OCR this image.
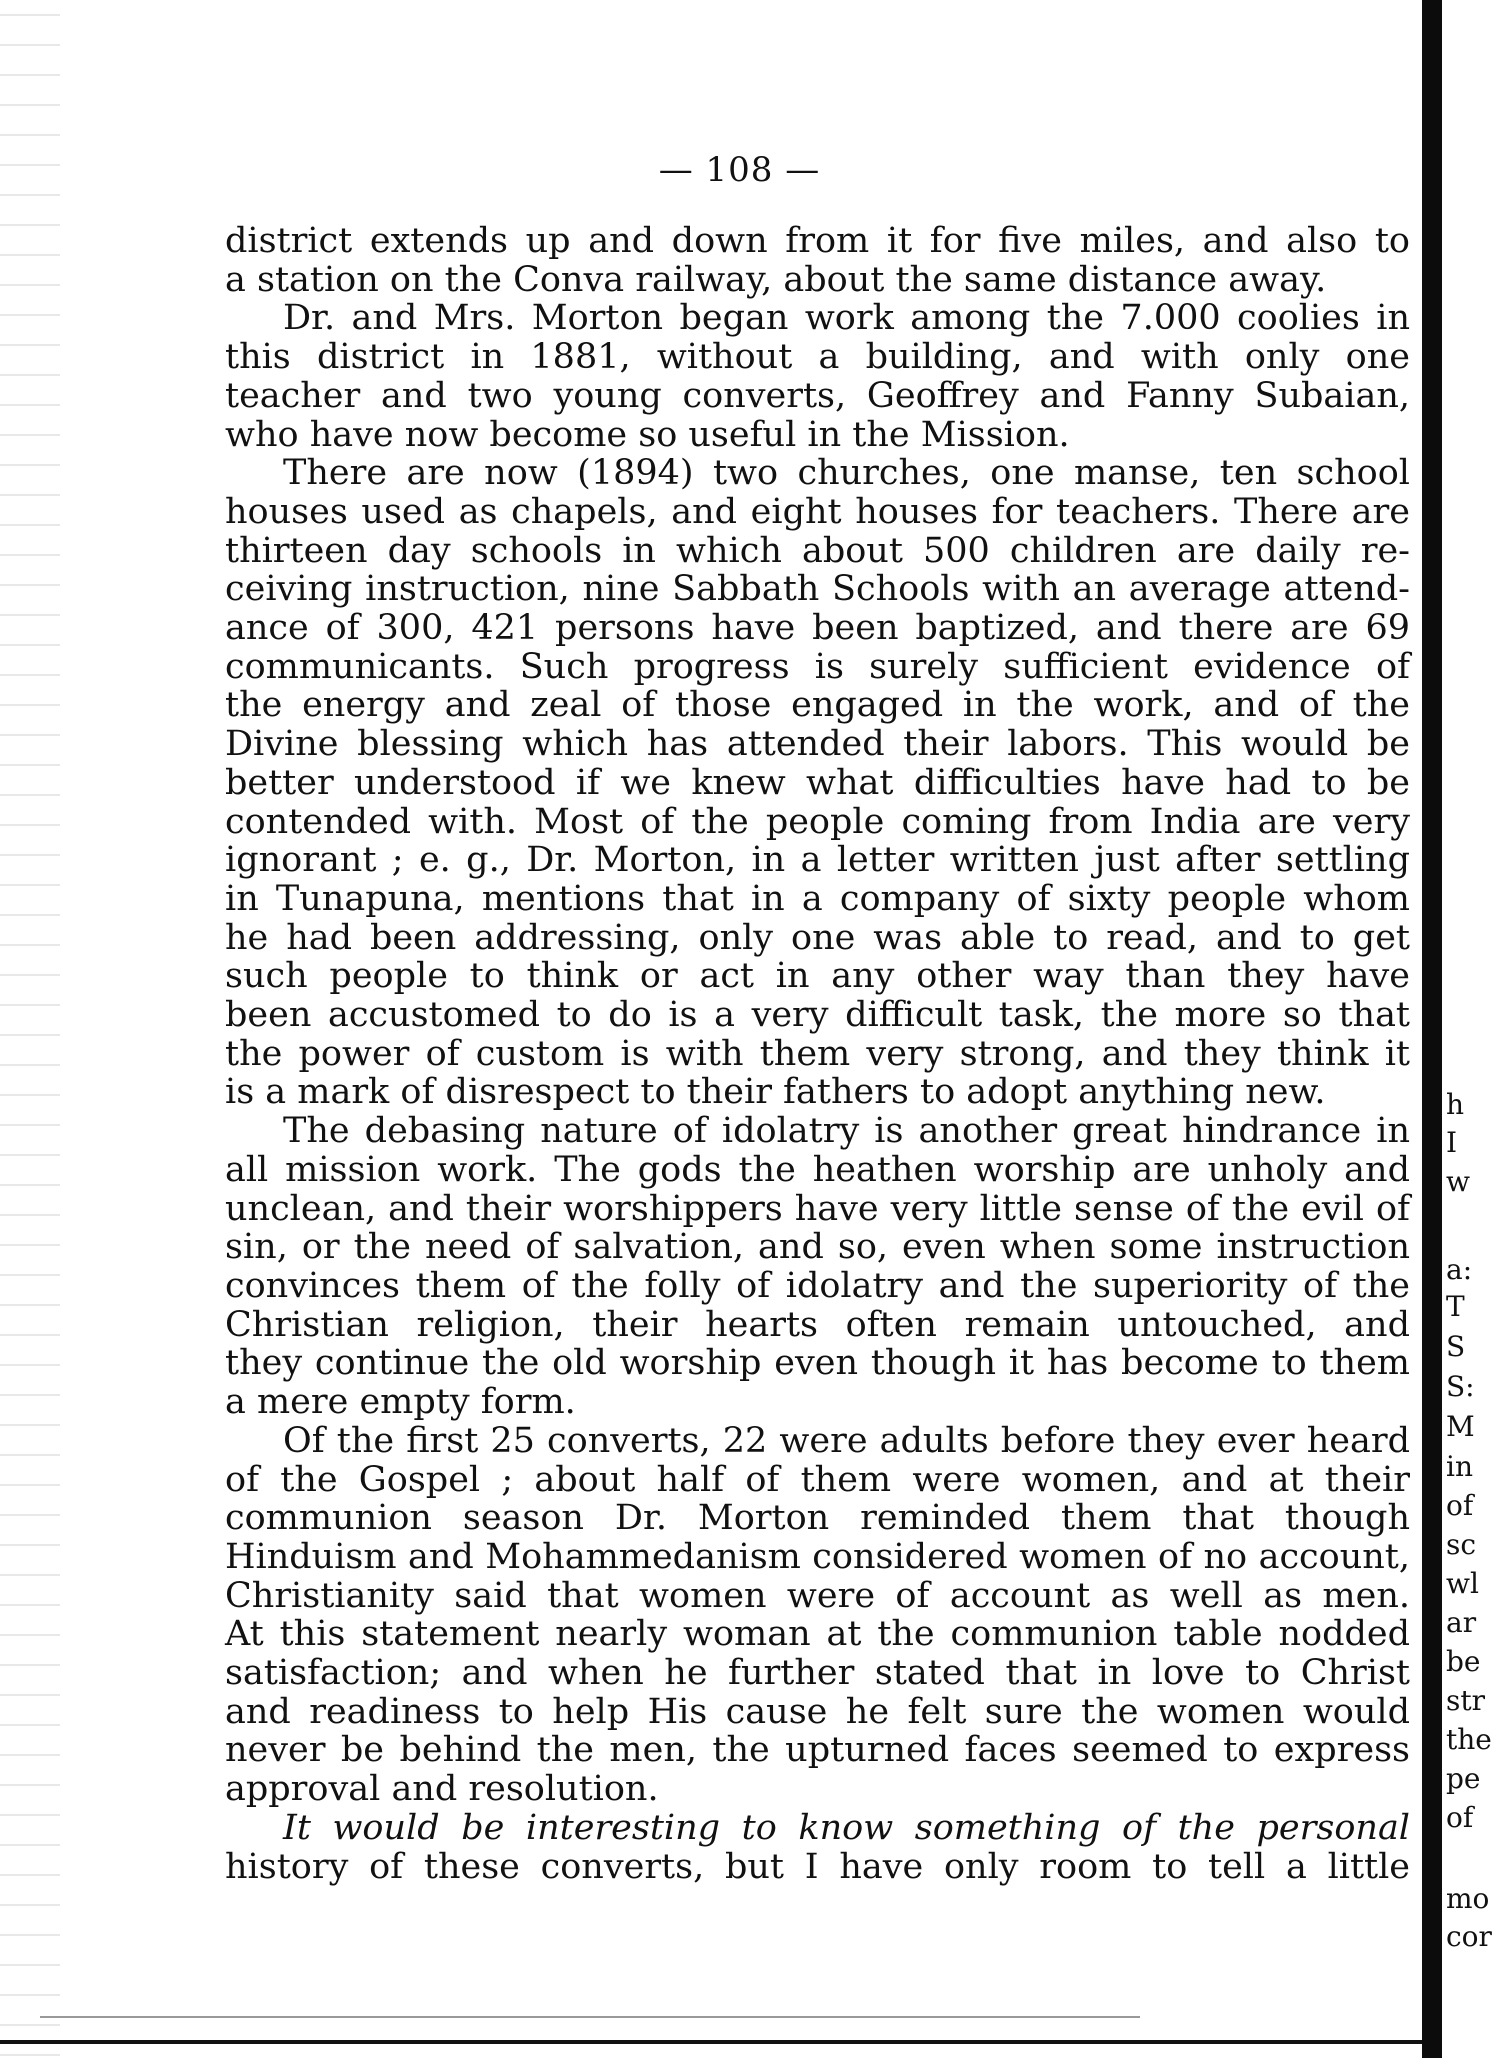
— 108 —
district extends up and down from it for five miles, and also to
a station on the Conva railway, about the same distance away.
Dr. and Mrs. Morton began work among the 7.000 coolies in
this district in 1881, without a building, and with only one
teacher and two young converts, Geoffrey and Fanny Subaian,
who have now become so useful in the Mission.
There are now (1894) two churches, one manse, ten school
houses used as chapels, and eight houses for teachers. There are
thirteen day schools in which about 500 children are daily re-
ceiving instruction, nine Sabbath Schools with an average attend-
ance of 300, 421 persons have been baptized, and there are 69
communicants. Such progress is surely sufficient evidence of
the energy and zeal of those engaged in the work, and of the
Divine blessing which has attended their labors. This would be
better understood if we knew what difficulties have had to be
contended with. Most of the people coming from India are very
ignorant ; e. g., Dr. Morton, in a letter written just after settling
in Tunapuna, mentions that in a company of sixty people whom
he had been addressing, only one was able to read, and to get
such people to think or act in any other way than they have
been accustomed to do is a very difficult task, the more so that
the power of custom is with them very strong, and they think it
is a mark of disrespect to their fathers to adopt anything new.
The debasing nature of idolatry is another great hindrance in
all mission work. The gods the heathen worship are unholy and
unclean, and their worshippers have very little sense of the evil of
sin, or the need of salvation, and so, even when some instruction
convinces them of the folly of idolatry and the superiority of the
Christian religion, their hearts often remain untouched, and
they continue the old worship even though it has become to them
a mere empty form.
Of the first 25 converts, 22 were adults before they ever heard
of the Gospel ; about half of them were women, and at their
communion season Dr. Morton reminded them that though
Hinduism and Mohammedanism considered women of no account,
Christianity said that women were of account as well as men.
At this statement nearly woman at the communion table nodded
satisfaction; and when he further stated that in love to Christ
and readiness to help His cause he felt sure the women would
never be behind the men, the upturned faces seemed to express
approval and resolution.
It would be interesting to know something of the personal
history of these converts, but I have only room to tell a little
h
I
w
a:
T
S
S:
M
in
of
sc
wl
ar
be
str
the
pe
of
mo
cor
